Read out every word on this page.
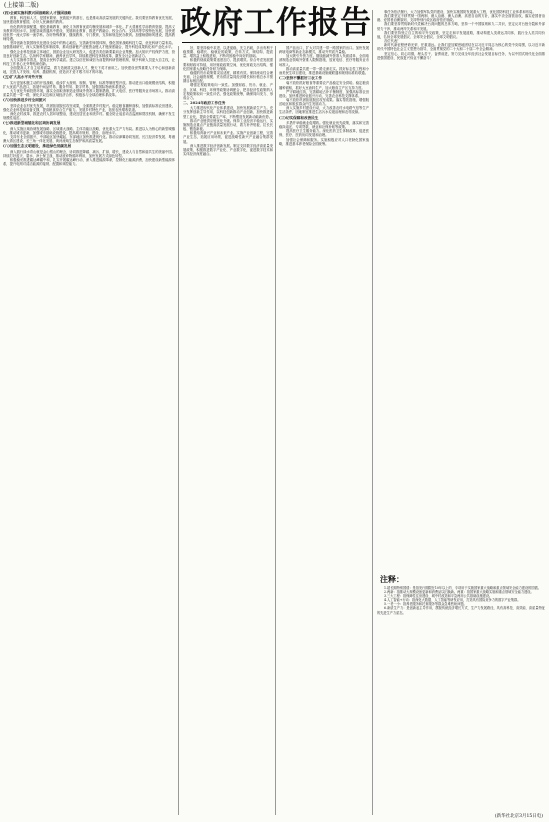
(上接第二版)	政府工作报告

(四)全面实施科教兴国战略和人才强国战略

教育、科技和人才，是国家繁荣、民族振兴的基石，也是推动高质量发展的关键所在。我们要坚持教育优先发展，加快建设教育强国，办好人民满意的教育。

优化教育资源配置，强化基础教育，深化义务教育优质均衡发展和城乡一体化。扩大普惠性学前教育资源，提高义务教育巩固水平。加强县域普通高中建设，发展职业教育，推进产教融合、校企合作。支持高等学校特色发展，加快建设世界一流大学和一流学科。办好特殊教育、继续教育、专门教育，支持和规范民办教育。加强师德师风建设，提高教师待遇。

坚持创新在我国现代化建设全局中的核心地位。完善新型举国体制，强化国家战略科技力量，优化科研力量布局。加强基础研究，深入实施科技体制改革，推动创新链产业链资金链人才链深度融合，提升科技成果转化和产业化水平。

强化企业科技创新主体地位，鼓励企业加大研发投入，促进各类创新要素向企业集聚。加大知识产权保护力度，营造良好创新生态。弘扬科学家精神，涵养优良学风，持续推进科技体制改革，激发全社会创新活力。

大力实施科学普及，提高全民科学素质。建立以信任和诚信为前提的科研管理机制，赋予科研人员更大自主权，让科技工作者心无旁骛钻研创新。

全面提高人才自主培养质量，着力造就拔尖创新人才，聚天下英才而用之。加快建设世界重要人才中心和创新高地，完善人才发现、培养、激励机制，营造识才爱才敬才用才的环境。

(五)扩大高水平对外开放

实行更加积极主动的开放战略，稳步扩大规则、规制、管理、标准等制度型开放。推动进出口稳规模优结构，积极扩大优质产品进口，拓展中间品贸易、服务贸易、数字贸易，加强国际物流体系建设。

大力优化外商投资环境，落实全面取消制造业领域外资准入限制措施，扩大电信、医疗等服务业市场准入。推动高质量共建一带一路，深化多双边和区域经济合作，积极参与全球治理体系改革。

(六)加快推进乡村全面振兴

坚持农业农村优先发展，巩固拓展脱贫攻坚成果，全面推进乡村振兴。稳定粮食播种面积，加强高标准农田建设，强化农业科技和装备支撑，提高粮食综合生产能力。发展乡村特色产业，拓宽农民增收渠道。

深化农村改革，推进农村人居环境整治，建设宜居宜业和美乡村。健全防止返贫动态监测和帮扶机制，确保不发生规模性返贫。

(七)推进新型城镇化和区域协调发展

深入实施区域协调发展战略、区域重大战略、主体功能区战略，优化重大生产力布局。推进以人为核心的新型城镇化，推动城市更新，加强城市基础设施建设，提高城市规划、建设、治理水平。

支持东北全面振兴、中部地区加快崛起、东部地区加快推进现代化。推动京津冀协同发展、长江经济带发展、粤港澳大湾区建设、长三角一体化发展、黄河流域生态保护和高质量发展。

(八)加强生态文明建设，推进绿色低碳发展

深入践行绿水青山就是金山银山的理念，协同推进降碳、减污、扩绿、增长，建设人与自然和谐共生的美丽中国。持续打好蓝天、碧水、净土保卫战，推动废弃物循环利用，加快发展方式绿色转型。

积极稳妥推进碳达峰碳中和，扎实开展碳达峰行动，深入推进能源革命，控制化石能源消费，加快建设新型能源体系，提升电网对清洁能源的接纳、配置和调控能力。

好，要坚持稳中求进、以进促稳、先立后破，多出有利于稳预期、稳增长、稳就业的政策，在转方式、调结构、提质量、增效益上积极进取，不断巩固稳中向好的基础。

积极的财政政策要适度加力、提质增效。综合考虑发展需要和财政可持续，用好财政政策空间，优化财政支出结构，强化国家重大战略任务财力保障。

稳健的货币政策要灵活适度、精准有效。保持流动性合理充裕，社会融资规模、货币供应量同经济增长和价格总水平预期目标相匹配。

增强宏观政策取向一致性。加强财政、货币、就业、产业、区域、科技、环保等政策协调配合，把非经济性政策纳入宏观政策取向一致性评估，强化政策统筹，确保同向发力、形成合力。

二、2024年政府工作任务

大力推进现代化产业体系建设，加快发展新质生产力。充分发挥创新主导作用，以科技创新推动产业创新，加快推进新型工业化，提高全要素生产率，不断塑造发展新动能新优势。

推动产业链供应链优化升级。保持工业经济平稳运行，实施制造业重点产业链高质量发展行动，着力补齐短板、拉长长板、锻造新板。

积极培育新兴产业和未来产业。实施产业创新工程，完善产业生态，拓展应用场景，促进战略性新兴产业融合集群发展。

深入推进数字经济创新发展。制定支持数字经济高质量发展政策，积极推进数字产业化、产业数字化，促进数字技术和实体经济深度融合。

国产品出口，扩大对共建一带一路国家的出口。加快发展跨境电商等新业态新模式，推动外贸质升量稳。

加大吸引外资力度。继续缩减外资准入负面清单，全面取消制造业领域外资准入限制措施，放宽电信、医疗等服务业市场准入。

推动高质量共建一带一路走深走实。抓好标志性工程和小而美民生项目建设，推进基础设施硬联通和规则标准软联通。

(二)坚持不懈抓好三农工作

毫不放松抓好粮食等重要农产品稳定安全供给。稳定粮食播种面积，抓好大豆油料生产，加大粮食主产区支持力度。

严守耕地红线，完善耕地占补平衡制度，加强高标准农田建设。加快推进种业振兴行动，完善农业科技支撑体系。

毫不放松巩固拓展脱贫攻坚成果。落实帮扶措施，增强脱贫地区和脱贫群众内生发展动力。

深入实施乡村建设行动，大力改善农村水电路气信等生产生活条件，因地制宜推进生活污水垃圾治理和农村改厕。

(三)切实保障和改善民生

多措并举稳就业促增收。强化就业优先政策，落实和完善稳岗返还、专项贷款、就业和社保补贴等政策。

提高医疗卫生服务能力。深化医药卫生体制改革，促进医保、医疗、医药协同发展和治理。

加强社会保障和服务。实施积极应对人口老龄化国家战略，推进基本养老保险全国统筹。

事任务依法履行，大力加强军队党的建设，加快实施国防发展重大工程，优化国防科技工业体系和布局。

我们要坚定不移贯彻一国两制、港人治港、澳人治澳、高度自治的方针，落实中央全面管治权，落实爱国者治港、爱国者治澳原则，支持特别行政区政府依法施政。

我们要坚持贯彻新时代党解决台湾问题的总体方略，坚持一个中国原则和九二共识，坚定反对台独分裂和外部势力干涉，推动两岸关系和平发展。

我们要坚持独立自主的和平外交政策，坚定走和平发展道路，推动构建人类命运共同体，践行全人类共同价值，弘扬全球发展倡议、全球安全倡议、全球文明倡议。

各位代表！

新时代新征程使命光荣、任重道远。让我们更加紧密地团结在以习近平同志为核心的党中央周围，以习近平新时代中国特色社会主义思想为指导，全面贯彻党的二十大和二十届二中全会精神。

坚定信心、同心同德，埋头苦干、奋勇前进，努力完成全年经济社会发展目标任务，为以中国式现代化全面推进强国建设、民族复兴伟业不懈奋斗！

注释：

1.超长期特别国债：是指发行期限在10年以上的、专项用于实施国家重大战略和重点领域安全能力建设的国债。

2.两新：指推动大规模设备更新和消费品以旧换新。两重：指国家重大战略实施和重点领域安全能力建设。

3.三大工程：指保障性住房建设、城中村改造和平急两用公共基础设施建设。

4.人工智能+行动：指深化大数据、人工智能等研发应用，打造具有国际竞争力的数字产业集群。

5.一老一小：指养老服务和托育服务等群众急难愁盼问题。

6.新质生产力：是创新起主导作用，摆脱传统经济增长方式、生产力发展路径，具有高科技、高效能、高质量特征的先进生产力质态。

(新华社北京3月15日电)
